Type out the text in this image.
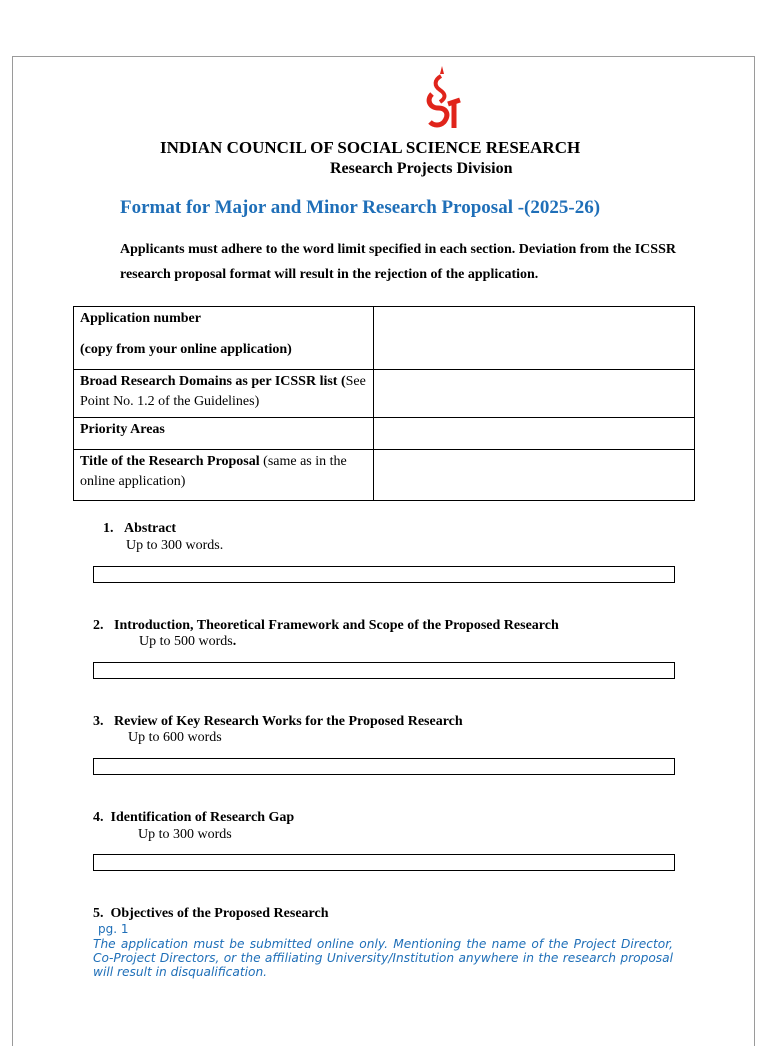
INDIAN COUNCIL OF SOCIAL SCIENCE RESEARCH
Research Projects Division
Format for Major and Minor Research Proposal -(2025-26)
Applicants must adhere to the word limit specified in each section. Deviation from the ICSSR research proposal format will result in the rejection of the application.
Application number
(copy from your online application)	

Broad Research Domains as per ICSSR list (See Point No. 1.2 of the Guidelines)	
Priority Areas	
Title of the Research Proposal (same as in the online application)	
1. Abstract
Up to 300 words.
2. Introduction, Theoretical Framework and Scope of the Proposed Research
Up to 500 words.
3. Review of Key Research Works for the Proposed Research
Up to 600 words
4. Identification of Research Gap
Up to 300 words
5. Objectives of the Proposed Research
pg. 1
The application must be submitted online only. Mentioning the name of the Project Director, Co-Project Directors, or the affiliating University/Institution anywhere in the research proposal will result in disqualification.
